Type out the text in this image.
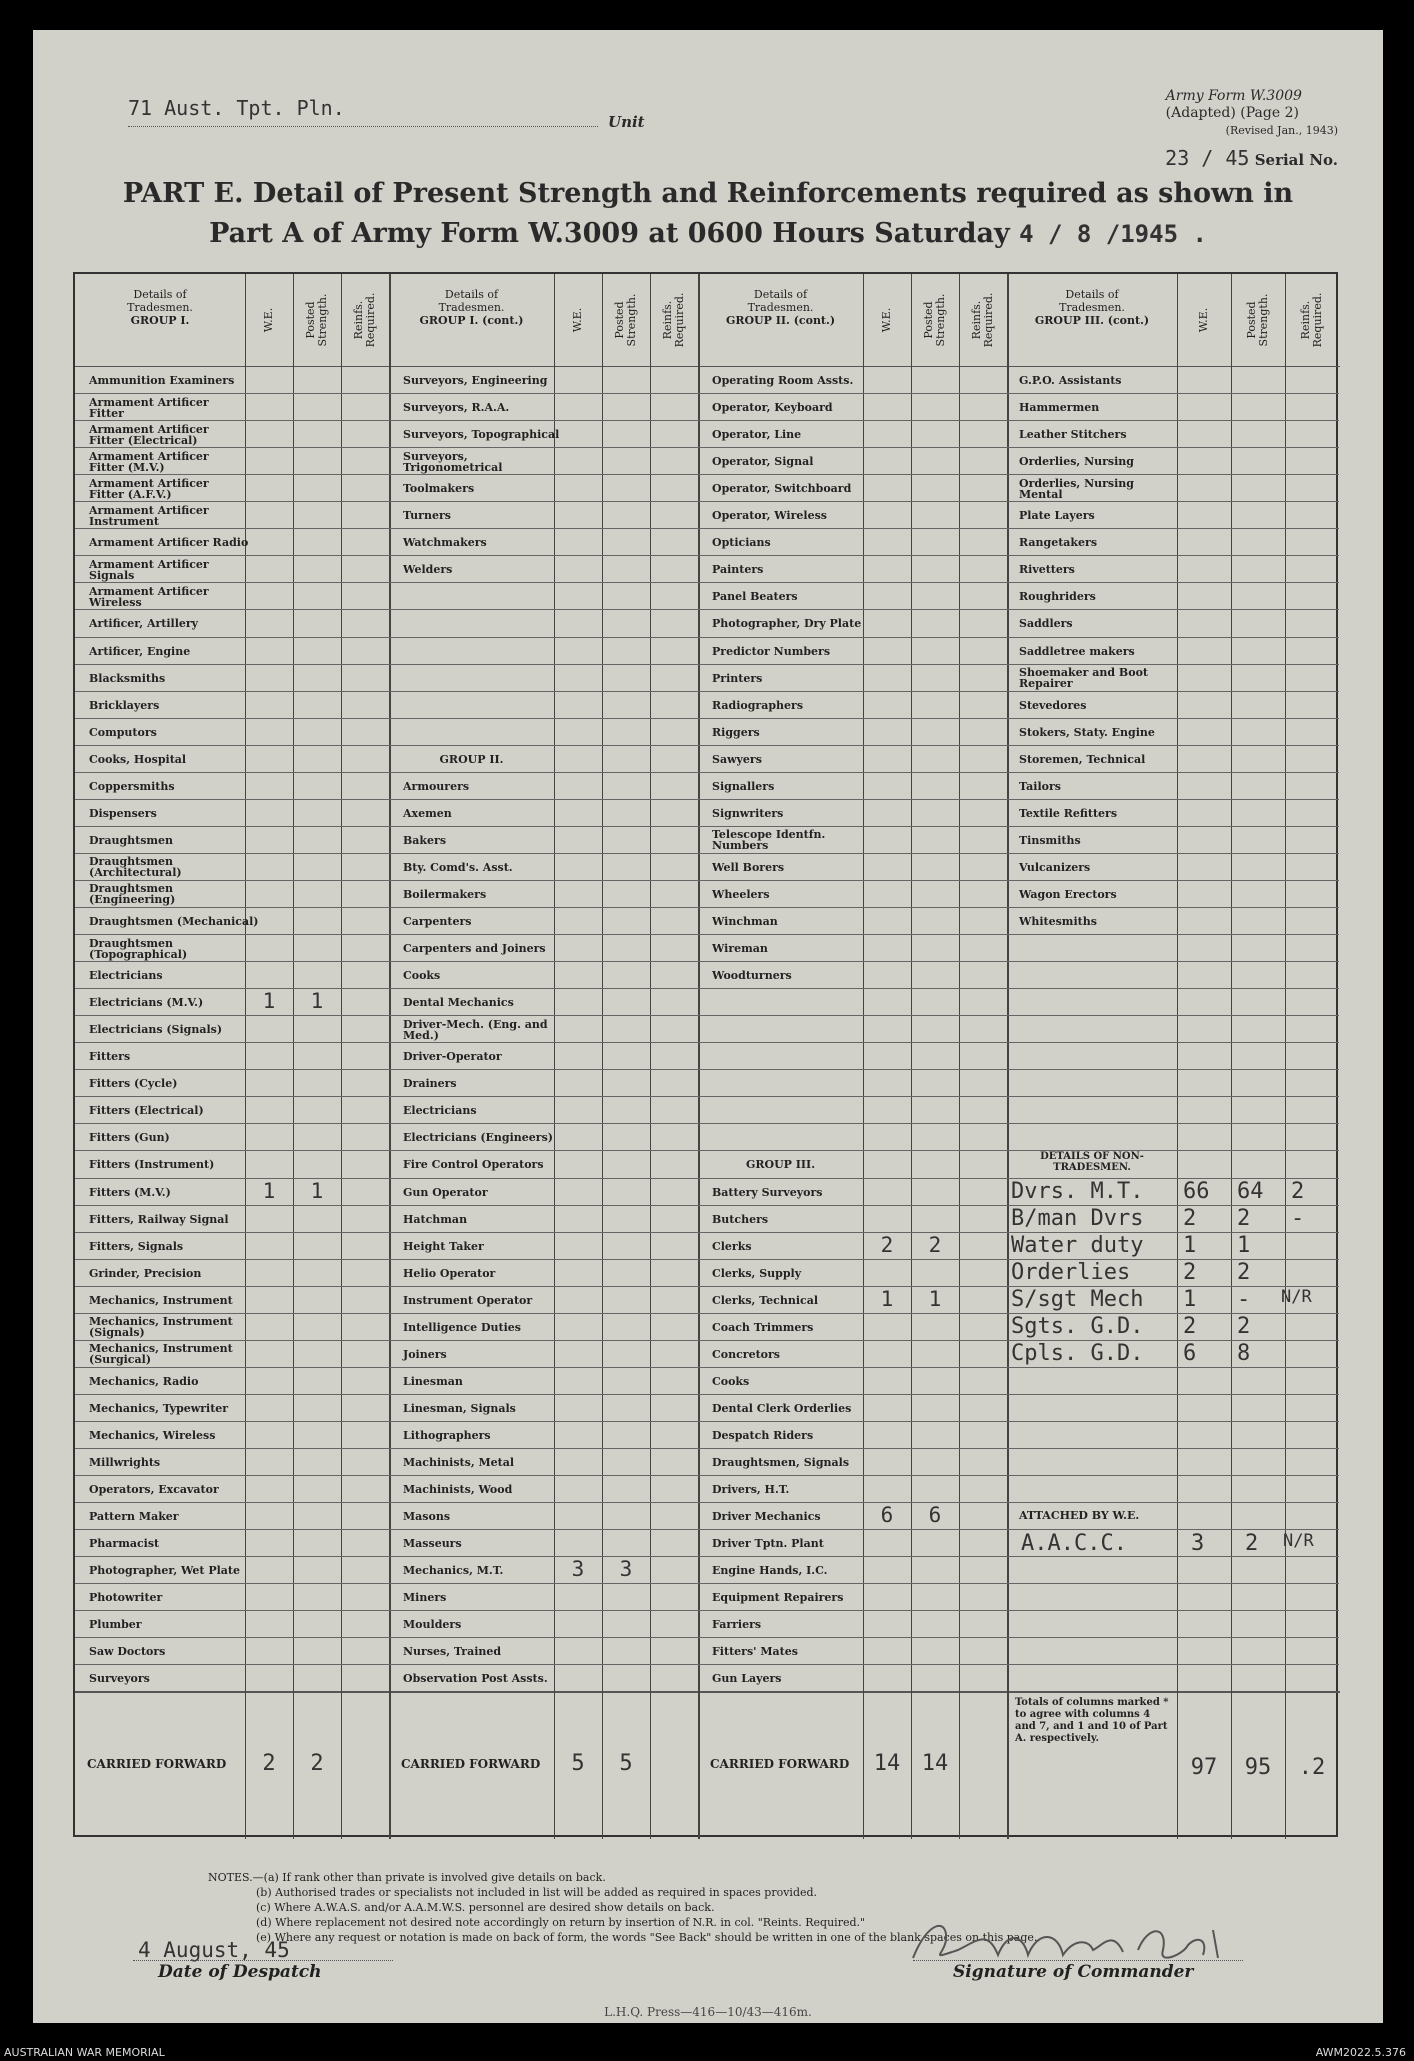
71 Aust. Tpt. Pln.
Unit
Army Form W.3009
(Adapted) (Page 2)
(Revised Jan., 1943)
23 / 45 Serial No.
PART E. Detail of Present Strength and Reinforcements required as shown in
Part A of Army Form W.3009 at 0600 Hours Saturday 4 / 8 /1945 .
Details of
Tradesmen.
GROUP I.	W.E.	Posted Strength.	Reinfs. Required.
Ammunition Examiners
Armament Artificer Fitter
Armament Artificer Fitter (Electrical)
Armament Artificer Fitter (M.V.)
Armament Artificer Fitter (A.F.V.)
Armament Artificer Instrument
Armament Artificer Radio
Armament Artificer Signals
Armament Artificer Wireless
Artificer, Artillery
Artificer, Engine
Blacksmiths
Bricklayers
Computors
Cooks, Hospital
Coppersmiths
Dispensers
Draughtsmen
Draughtsmen (Architectural)
Draughtsmen (Engineering)
Draughtsmen (Mechanical)
Draughtsmen (Topographical)
Electricians
Electricians (M.V.)	1	1
Electricians (Signals)
Fitters
Fitters (Cycle)
Fitters (Electrical)
Fitters (Gun)
Fitters (Instrument)
Fitters (M.V.)	1	1
Fitters, Railway Signal
Fitters, Signals
Grinder, Precision
Mechanics, Instrument
Mechanics, Instrument (Signals)
Mechanics, Instrument (Surgical)
Mechanics, Radio
Mechanics, Typewriter
Mechanics, Wireless
Millwrights
Operators, Excavator
Pattern Maker
Pharmacist
Photographer, Wet Plate
Photowriter
Plumber
Saw Doctors
Surveyors
Details of
Tradesmen.
GROUP I. (cont.)	W.E.	Posted Strength.	Reinfs. Required.
Surveyors, Engineering
Surveyors, R.A.A.
Surveyors, Topographical
Surveyors, Trigonometrical
Toolmakers
Turners
Watchmakers
Welders
GROUP II.
Armourers
Axemen
Bakers
Bty. Comd's. Asst.
Boilermakers
Carpenters
Carpenters and Joiners
Cooks
Dental Mechanics
Driver-Mech. (Eng. and Med.)
Driver-Operator
Drainers
Electricians
Electricians (Engineers)
Fire Control Operators
Gun Operator
Hatchman
Height Taker
Helio Operator
Instrument Operator
Intelligence Duties
Joiners
Linesman
Linesman, Signals
Lithographers
Machinists, Metal
Machinists, Wood
Masons
Masseurs
Mechanics, M.T.	3	3
Miners
Moulders
Nurses, Trained
Observation Post Assts.
Details of
Tradesmen.
GROUP II. (cont.)	W.E.	Posted Strength.	Reinfs. Required.
Operating Room Assts.
Operator, Keyboard
Operator, Line
Operator, Signal
Operator, Switchboard
Operator, Wireless
Opticians
Painters
Panel Beaters
Photographer, Dry Plate
Predictor Numbers
Printers
Radiographers
Riggers
Sawyers
Signallers
Signwriters
Telescope Identfn. Numbers
Well Borers
Wheelers
Winchman
Wireman
Woodturners
GROUP III.
Battery Surveyors
Butchers
Clerks	2	2
Clerks, Supply
Clerks, Technical	1	1
Coach Trimmers
Concretors
Cooks
Dental Clerk Orderlies
Despatch Riders
Draughtsmen, Signals
Drivers, H.T.
Driver Mechanics	6	6
Driver Tptn. Plant
Engine Hands, I.C.
Equipment Repairers
Farriers
Fitters' Mates
Gun Layers
Details of
Tradesmen.
GROUP III. (cont.)	W.E.	Posted Strength.	Reinfs. Required.
G.P.O. Assistants
Hammermen
Leather Stitchers
Orderlies, Nursing
Orderlies, Nursing Mental
Plate Layers
Rangetakers
Rivetters
Roughriders
Saddlers
Saddletree makers
Shoemaker and Boot Repairer
Stevedores
Stokers, Staty. Engine
Storemen, Technical
Tailors
Textile Refitters
Tinsmiths
Vulcanizers
Wagon Erectors
Whitesmiths
DETAILS OF NON-TRADESMEN.
Dvrs. M.T. 66 64 2
B/man Dvrs 2 2 -
Water duty 1 1
Orderlies 2 2
S/sgt Mech 1 - N/R
Sgts. G.D. 2 2
Cpls. G.D. 6 8
ATTACHED BY W.E.
A.A.C.C.	3 2 N/R
CARRIED FORWARD	2	2	CARRIED FORWARD	5	5	CARRIED FORWARD	14 14
Totals of columns marked * to agree with columns 4 and 7, and 1 and 10 of Part A. respectively.
97	95	.2
NOTES.—(a) If rank other than private is involved give details on back.
(b) Authorised trades or specialists not included in list will be added as required in spaces provided.
(c) Where A.W.A.S. and/or A.A.M.W.S. personnel are desired show details on back.
(d) Where replacement not desired note accordingly on return by insertion of N.R. in col. "Reints. Required."
(e) Where any request or notation is made on back of form, the words "See Back" should be written in one of the blank spaces on this page.
4 August, 45
Date of Despatch	Signature of Commander
L.H.Q. Press—416—10/43—416m.
AUSTRALIAN WAR MEMORIAL	AWM2022.5.376
